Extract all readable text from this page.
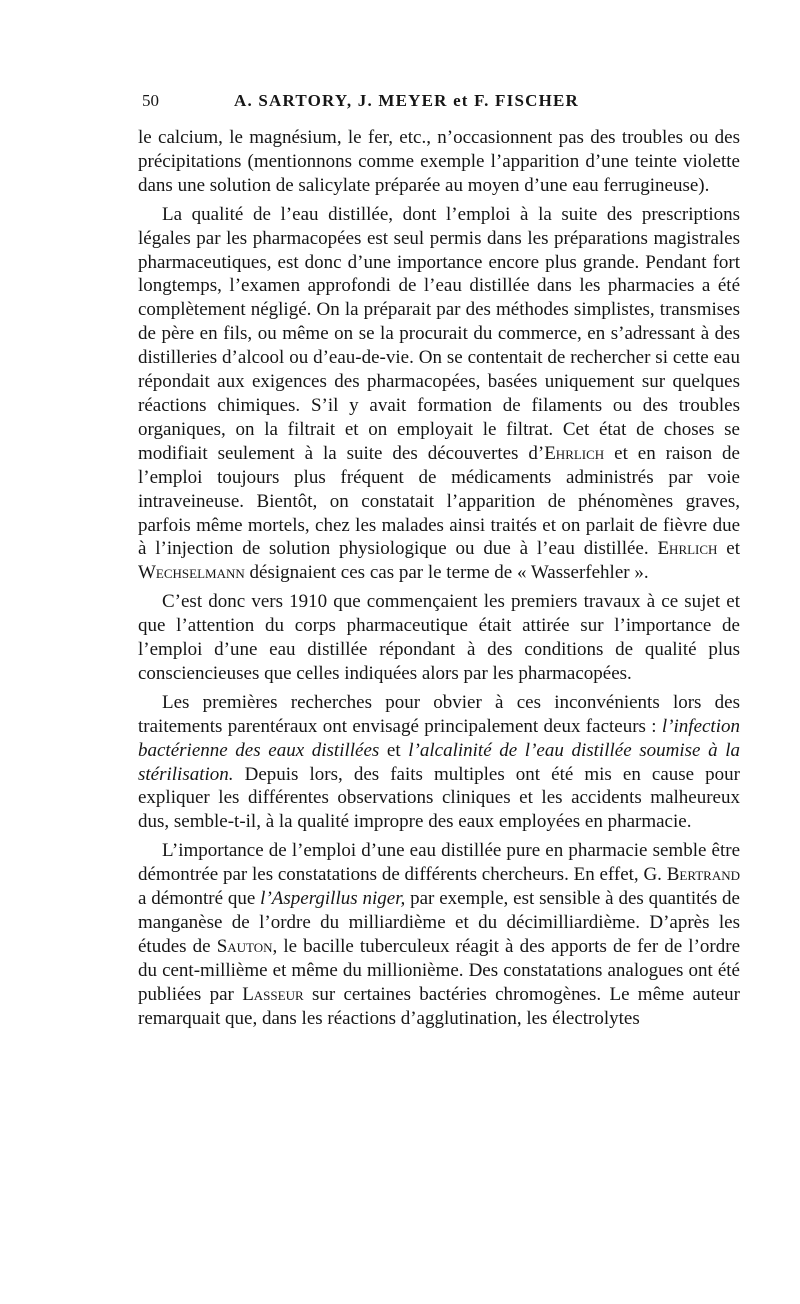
50	A. SARTORY, J. MEYER et F. FISCHER

le calcium, le magnésium, le fer, etc., n’occasionnent pas des troubles ou des précipitations (mentionnons comme exemple l’apparition d’une teinte violette dans une solution de salicylate préparée au moyen d’une eau ferrugineuse).

La qualité de l’eau distillée, dont l’emploi à la suite des prescriptions légales par les pharmacopées est seul permis dans les préparations magistrales pharmaceutiques, est donc d’une importance encore plus grande. Pendant fort longtemps, l’examen approfondi de l’eau distillée dans les pharmacies a été complètement négligé. On la préparait par des méthodes simplistes, transmises de père en fils, ou même on se la procurait du commerce, en s’adressant à des distilleries d’alcool ou d’eau-de-vie. On se contentait de rechercher si cette eau répondait aux exigences des pharmacopées, basées uniquement sur quelques réactions chimiques. S’il y avait formation de filaments ou des troubles organiques, on la filtrait et on employait le filtrat. Cet état de choses se modifiait seulement à la suite des découvertes d’Ehrlich et en raison de l’emploi toujours plus fréquent de médicaments administrés par voie intraveineuse. Bientôt, on constatait l’apparition de phénomènes graves, parfois même mortels, chez les malades ainsi traités et on parlait de fièvre due à l’injection de solution physiologique ou due à l’eau distillée. Ehrlich et Wechselmann désignaient ces cas par le terme de « Wasserfehler ».

C’est donc vers 1910 que commençaient les premiers travaux à ce sujet et que l’attention du corps pharmaceutique était attirée sur l’importance de l’emploi d’une eau distillée répondant à des conditions de qualité plus consciencieuses que celles indiquées alors par les pharmacopées.

Les premières recherches pour obvier à ces inconvénients lors des traitements parentéraux ont envisagé principalement deux facteurs : l’infection bactérienne des eaux distillées et l’alcalinité de l’eau distillée soumise à la stérilisation. Depuis lors, des faits multiples ont été mis en cause pour expliquer les différentes observations cliniques et les accidents malheureux dus, semble-t-il, à la qualité impropre des eaux employées en pharmacie.

L’importance de l’emploi d’une eau distillée pure en pharmacie semble être démontrée par les constatations de différents chercheurs. En effet, G. Bertrand a démontré que l’Aspergillus niger, par exemple, est sensible à des quantités de manganèse de l’ordre du milliardième et du décimilliardième. D’après les études de Sauton, le bacille tuberculeux réagit à des apports de fer de l’ordre du cent-millième et même du millionième. Des constatations analogues ont été publiées par Lasseur sur certaines bactéries chromogènes. Le même auteur remarquait que, dans les réactions d’agglutination, les électrolytes
